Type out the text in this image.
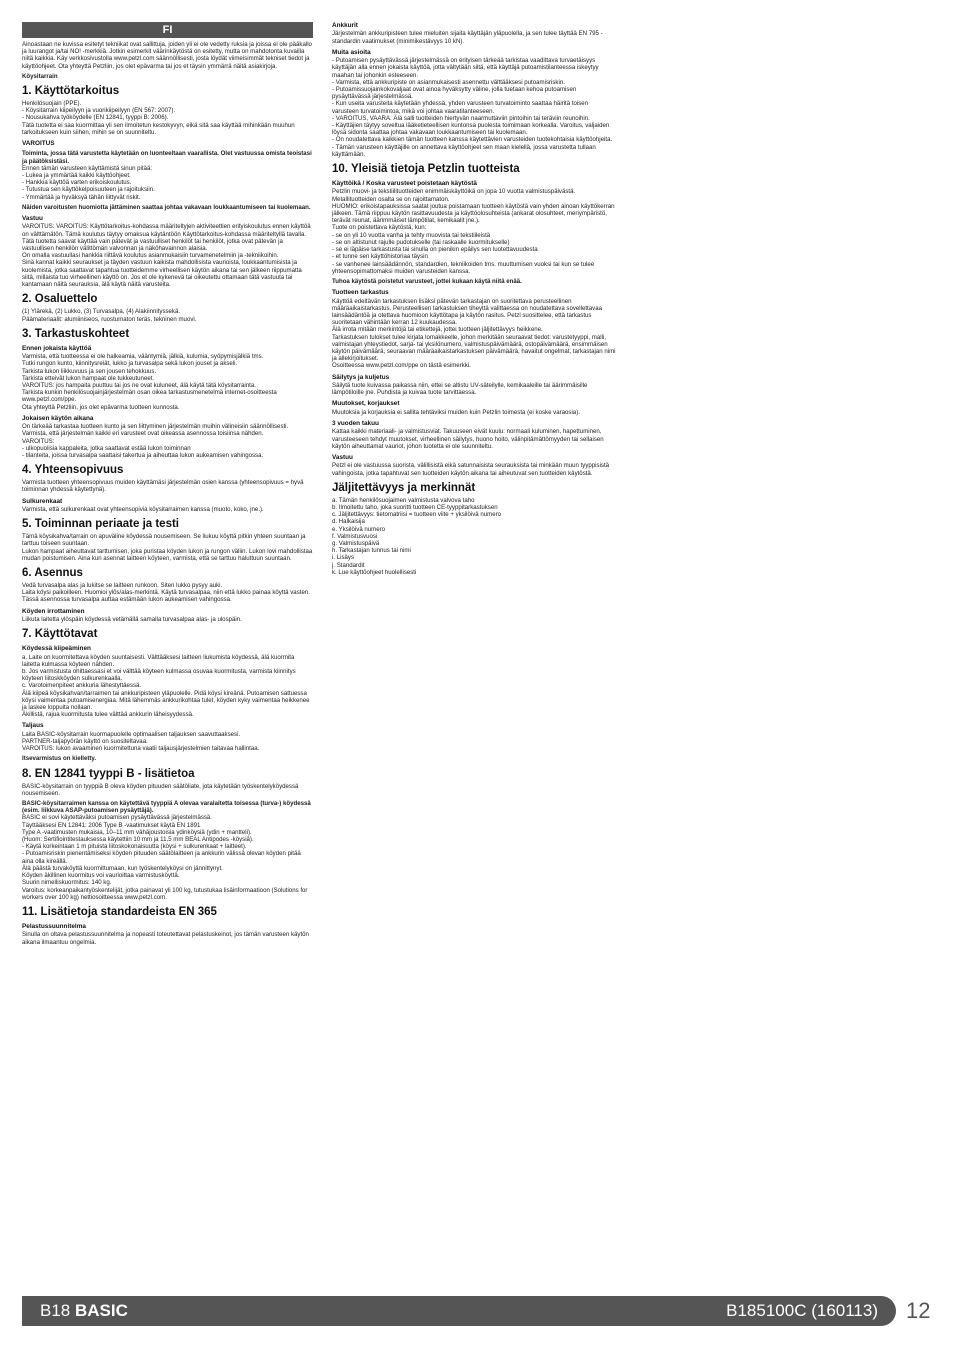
FI

Ainoastaan ne kuvissa esitetyt tekniikat ovat sallittuja, joiden yli ei ole vedetty ruksia ja joissa ei ole pääkallo ja luurangot ja/tai NO! -merkkiä. Jotkin esimerkit väärinkäytöstä on esitetty, mutta on mahdotonta kuvailla niitä kaikkia. Käy verkkosivustolla www.petzl.com säännöllisesti, josta löydät viimeisimmät tekniset tiedot ja käyttöohjeet. Ota yhteyttä Petzliin, jos olet epävarma tai jos et täysin ymmärrä näitä asiakirjoja.

Köysitarrain

1. Käyttötarkoitus

Henkilösuojain (PPE).
- Köysitarrain kiipeilyyn ja vuorikiipeilyyn (EN 567: 2007).
- Nousukahva työköydelle (EN 12841, tyyppi B: 2006).
Tätä tuotetta ei saa kuormittaa yli sen ilmoitetun kestokyvyn, eikä sitä saa käyttää mihinkään muuhun tarkoitukseen kuin siihen, mihin se on suunniteltu.

VAROITUS

Toiminta, jossa tätä varustetta käytetään on luonteeltaan vaarallista. Olet vastuussa omista teoistasi ja päätöksistäsi.

Ennen tämän varusteen käyttämistä sinun pitää:
- Lukea ja ymmärtää kaikki käyttöohjeet.
- Hankkia käyttöä varten erikoiskoulutus.
- Tutustua sen käyttökelpoisuuteen ja rajoituksiin.
- Ymmärtää ja hyväksyä tähän liittyvät riskit.

Näiden varoitusten huomiotta jättäminen saattaa johtaa vakavaan loukkaantumiseen tai kuolemaan.

Vastuu

VAROITUS: VAROITUS: Käyttötarkoitus-kohdassa määriteltyjen aktiviteettien erityiskoulutus ennen käyttöä on välttämätön. Tämä koulutus täytyy omaksua käytäntöön Käyttötarkoitus-kohdassa määriteltyllä tavalla.
Tätä tuotetta saavat käyttää vain pätevät ja vastuulliset henkilöt tai henkilöt, jotka ovat pätevän ja vastuullisen henkilön välittömän valvonnan ja näköhavainnon alaisia.
On omalla vastuullasi hankkia riittävä koulutus asianmukaisiin turvamenetelmiin ja -tekniikoihin.
Sinä kannat kaikki seuraukset ja täyden vastuun kaikista mahdollisista vaurioista, loukkaantumisista ja kuolemista, jotka saattavat tapahtua tuotteidemme virheellisen käytön aikana tai sen jälkeen riippumatta siitä, millaista tuo virheellinen käyttö on. Jos et ole kykenevä tai oikeutettu ottamaan tätä vastuuta tai kantamaan näitä seurauksia, älä käytä näitä varusteita.

2. Osaluettelo

(1) Ylärekä, (2) Lukko, (3) Turvasalpa, (4) Alakiinnityssekä.
Päämateriaalit: alumiiniseos, ruostumaton teräs, tekninen muovi.

3. Tarkastuskohteet
Ennen jokaista käyttöä

Varmista, että tuotteessa ei ole halkeamia, vääntymiä, jälkiä, kulumia, syöpymisjälkiä tms.
Tutki rungon kunto, kiinnitysreiät, lukko ja turvasalpa sekä lukon jouset ja akseli.
Tarkista lukon liikkuvuus ja sen jousen tehokkuus.
Tarkista etteivät lukon hampaat ole tukkeutuneet.
VAROITUS: jos hampaita puuttuu tai jos ne ovat kuluneet, älä käytä tätä köysitarrainta.
Tarkista kunkin henkilösuojainjärjestelmän osan oikea tarkastusmenetelmä internet-osoitteesta www.petzl.com/ppe.
Ota yhteyttä Petzliin, jos olet epävarma tuotteen kunnosta.

Jokaisen käytön aikana

On tärkeää tarkastaa tuotteen kunto ja sen liittyminen järjestelmän muihin välineisiin säännöllisesti. Varmista, että järjestelmän kaikki eri varusteet ovat oikeassa asennossa toisiinsa nähden.
VAROITUS:
- ulkopuolisia kappaleita, jotka saattavat estää lukon toiminnan
- tilanteita, joissa turvasalpa saattaisi takertua ja aiheuttaa lukon aukeamisen vahingossa.

4. Yhteensopivuus

Varmista tuotteen yhteensopivuus muiden käyttämäsi järjestelmän osien kanssa (yhteensopivuus = hyvä toiminnan yhdessä käytettynä).

Sulkurenkaat

Varmista, että sulkurenkaat ovat yhteensopivia köysitarraimen kanssa (muoto, koko, jne.).

5. Toiminnan periaate ja testi

Tämä köysikahva/tarrain on apuväline köydessä nousemiseen. Se liukuu köyttä pitkin yhteen suuntaan ja tarttuu toiseen suuntaan.
Lukon hampaat aiheuttavat tarttumisen, joka puristaa köyden lukon ja rungon väliin. Lukon lovi mahdollistaa mudan poistumisen. Aina kun asennat laitteen köyteen, varmista, että se tarttuu haluttuun suuntaan.

6. Asennus

Vedä turvasalpa alas ja lukitse se laitteen runkoon. Siten lukko pysyy auki.
Laita köysi paikoilleen. Huomioi ylös/alas-merkintä. Käytä turvasalpaa, niin että lukko painaa köyttä vasten. Tässä asennossa turvasalpa auttaa estämään lukon aukeamisen vahingossa.

Köyden irrottaminen

Liikuta laitetta ylöspäin köydessä vetämällä samalla turvasalpaa alas- ja ulospäin.

7. Käyttötavat
Köydessä kiipeäminen

a. Laite on kuormitettava köyden suuntaisesti. Välttääksesi laitteen liukumista köydessä, älä kuormita laitetta kulmassa köyteen nähden.
b. Jos varmistusta ohittaessasi et voi välttää köyteen kulmassa osuvaa kuormitusta, varmista kiinnitys köyteen liitoskköyden sulkurenkaalla.
c. Varotoimenpiteet ankkuria lähestyttäessä.
Älä kiipeä köysikahvan/tarraimen tai ankkuripisteen yläpuolelle. Pidä köysi kireänä. Putoamisen sattuessa köysi vaimentaa putoamisenergiaa. Mitä lähemmäs ankkurikohtaa tulet, köyden kyky vaimentaa heikkenee ja laskee loppuita nollaan.
Äkillistä, rajua kuormitusta tulee välttää ankkurin läheisyydessä.

Taljaus

Laita BASIC-köysitarrain kuormapuolelle optimaalisen taljauksen saavuttaaksesi.
PARTNER-taljapyörän käyttö on suositeltavaa.
VAROITUS: lukon avaaminen kuormitettuna vaatii taljausjärjestelmien taitavaa hallintaa.

Itsevarmistus on kielletty.

8. EN 12841 tyyppi B - lisätietoa

BASIC-köysitarrain on tyyppiä B oleva köyden pituuden säätöliate, jota käytetään työskentelyköydessä nousemiseen.

BASIC-köysitarraimen kanssa on käytettävä tyyppiä A olevaa varalaitetta toisessa (turva-) köydessä (esim. liikkuva ASAP-putoamisen pysäyttäjä).

BASIC ei sovi käytettäväksi putoamisen pysäyttävässä järjestelmässä.
Täyttääksesi EN 12841: 2006 Type B -vaatimukset käytä EN 1891
Type A -vaatimusten mukaisia, 10–11 mm vähäjoustoisia ydinköysiä (ydin + mantteli).
(Huom: Sertifiointitestauksessa käytettiin 10 mm ja 11,5 mm BEAL Antipodes -köysiä).
- Käytä korkeintaan 1 m pituista liitoskokonaisuutta (köysi + sulkurenkaat + laitteet).
- Putoamisriskin pienentämiseksi köyden pituuden säätölaitteen ja ankkurin välissä olevan köyden pitää aina olla kireällä.
Älä päästä turvaköyttä kuormittumaan, kun työskentelyköysi on jännittynyt.
Köyden äkillinen kuormitus voi vaurioittaa varmistusköyttä.
Suurin nimelliskuormitus: 140 kg.
Varoitus: korkeanpaikantyöskentelijät, jotka painavat yli 100 kg, tutustukaa lisäinformaatioon (Solutions for workers over 100 kg) nettiosoitteessa www.petzl.com.

11. Lisätietoja standardeista EN 365
Pelastussuunnitelma

Sinulla on oltava pelastussuunnitelma ja nopeasti toteutettavat pelastuskeinot, jos tämän varusteen käytön aikana ilmaantuu ongelmia.

Ankkurit

Järjestelmän ankkuripisteen tulee mieluiten sijaita käyttäjän yläpuolella, ja sen tulee täyttää EN 795 -standardin vaatimukset (minimikestävyys 10 kN).

Muita asioita

- Putoamisen pysäyttävässä järjestelmässä on erityisen tärkeää tarkistaa vaadittava turvaetäisyys käyttäjän alla ennen jokaista käyttöä, jotta vältytään siltä, että käyttäjä putoamistilanteessa iskeytyy maahan tai johonkin esteeseen.
- Varmista, että ankkuripiste on asianmukaisesti asennettu välttääksesi putoamisriskin.
- Putoamissuojainkokovaljaat ovat ainoa hyväksytty väline, jolla tuetaan kehoa putoamisen pysäyttävässä järjestelmässä.
- Kun useita varusteita käytetään yhdessä, yhden varusteen turvatoiminto saattaa häiritä toisen varusteen turvatoimintoa, mikä voi johtaa vaaratilanteeseen.
- VAROITUS, VAARA: Älä salli tuotteiden hiertyvän naarmuttaviin pintoihin tai teräviin reunoihin.
- Käyttäjien täytyy soveltua lääketieteellisen kuntonsa puolesta toimimaan korkealla. Varoitus, valjaiden löysä sidonta saattaa johtaa vakavaan loukkaantumiseen tai kuolemaan.
- On noudatettava kaikkien tämän tuotteen kanssa käytettävien varusteiden tuotekohtaisia käyttöohjeita.
- Tämän varusteen käyttäjille on annettava käyttöohjeet sen maan kielellä, jossa varustetta tullaan käyttämään.

10. Yleisiä tietoja Petzlin tuotteista
Käyttöikä / Koska varusteet poistetaan käytöstä

Petzlin muovi- ja tekstiilituotteiden enimmäiskäyttöikä on jopa 10 vuotta valmistuspäivästä. Metallituotteiden osalta se on rajoittamaton.
HUOMIO: erikoistapauksissa saatat joutua poistamaan tuotteen käytöstä vain yhden ainoan käyttökerran jälkeen. Tämä riippuu käytön rasittavuudesta ja käyttöolosuhteista (ankarat olosuhteet, meriympäristö, terävät reunat, äärimmäiset lämpötilat, kemikaalit jne.).
Tuote on poistettava käytöstä, kun:
- se on yli 10 vuotta vanha ja tehty muovista tai tekstiileistä
- se on altistunut rajulle pudotukselle (tai raskaalle kuormitukselle)
- se ei läpäise tarkastusta tai sinulla on pienikin epäilys sen luotettavuudesta
- et tunne sen käyttöhistoriaa täysin
- se vanhenee lainsäädännön, standardien, tekniikoiden tms. muuttumisen vuoksi tai kun se tulee yhteensopimattomaksi muiden varusteiden kanssa.

Tuhoa käytöstä poistetut varusteet, jottei kukaan käytä niitä enää.

Tuotteen tarkastus

Käyttöä edeltävän tarkastuksen lisäksi pätevän tarkastajan on suoritettava perusteellinen määräaikaistarkastus. Perusteellisen tarkastuksen tiheyttä valittaessa on noudatettava sovellettavaa lainsäädäntöä ja otettava huomioon käyttötapa ja käytön rasitus. Petzl suosittelee, että tarkastus suoritetaan vähintään kerran 12 kuukaudessa.
Älä irrota mitään merkintöjä tai etikettejä, jottei tuotteen jäljitettävyys heikkene.
Tarkastuksen tulokset tulee kirjata lomakkeelle, johon merkitään seuraavat tiedot: varustetyyppi, malli, valmistajan yhteystiedot, sarja- tai yksilönumero, valmistuspäivämäärä, ostopäivämäärä, ensimmäisen käytön päivämäärä, seuraavan määräaikaistarkastuksen päivämäärä, havaitut ongelmat, tarkastajan nimi ja allekirjoitukset.
Osoitteessa www.petzl.com/ppe on tästä esimerkki.

Säilytys ja kuljetus

Säilytä tuote kuivassa paikassa niin, ettei se altistu UV-säteilylle, kemikaaleille tai äärimmäisille lämpötiloille jne. Puhdista ja kuivaa tuote tarvittaessa.

Muutokset, korjaukset

Muutoksia ja korjauksia ei sallita tehtäviksi muiden kuin Petzlin toimesta (ei koske varaosia).

3 vuoden takuu

Kattaa kaikki materiaali- ja valmistusviat. Takuuseen eivät kuulu: normaali kuluminen, hapettuminen, varusteeseen tehdyt muutokset, virheellinen säilytys, huono hoito, välinpitämättömyyden tai sellaisen käytön aiheuttamat vauriot, johon tuotetta ei ole suunniteltu.

Vastuu

Petzl ei ole vastuussa suorista, välillisistä eikä satunnaisista seurauksista tai minkään muun tyyppisistä vahingoista, jotka tapahtuvat sen tuotteiden käytön aikana tai aiheutuvat sen tuotteiden käytöstä.

Jäljitettävyys ja merkinnät

a. Tämän henkilösuojaimen valmistusta valvova taho
b. Ilmoitettu taho, joka suoritti tuotteen CE-tyyppitarkastuksen
c. Jäljitettävyys: tietomatriisi = tuotteen viite + yksilöivä numero
d. Halkaisija
e. Yksilöivä numero
f. Valmistusvuosi
g. Valmistuspäivä
h. Tarkastajan tunnus tai nimi
i. Lisäys
j. Standardit
k. Lue käyttöohjeet huolellisesti

B18 BASIC	B185100C (160113) 12
